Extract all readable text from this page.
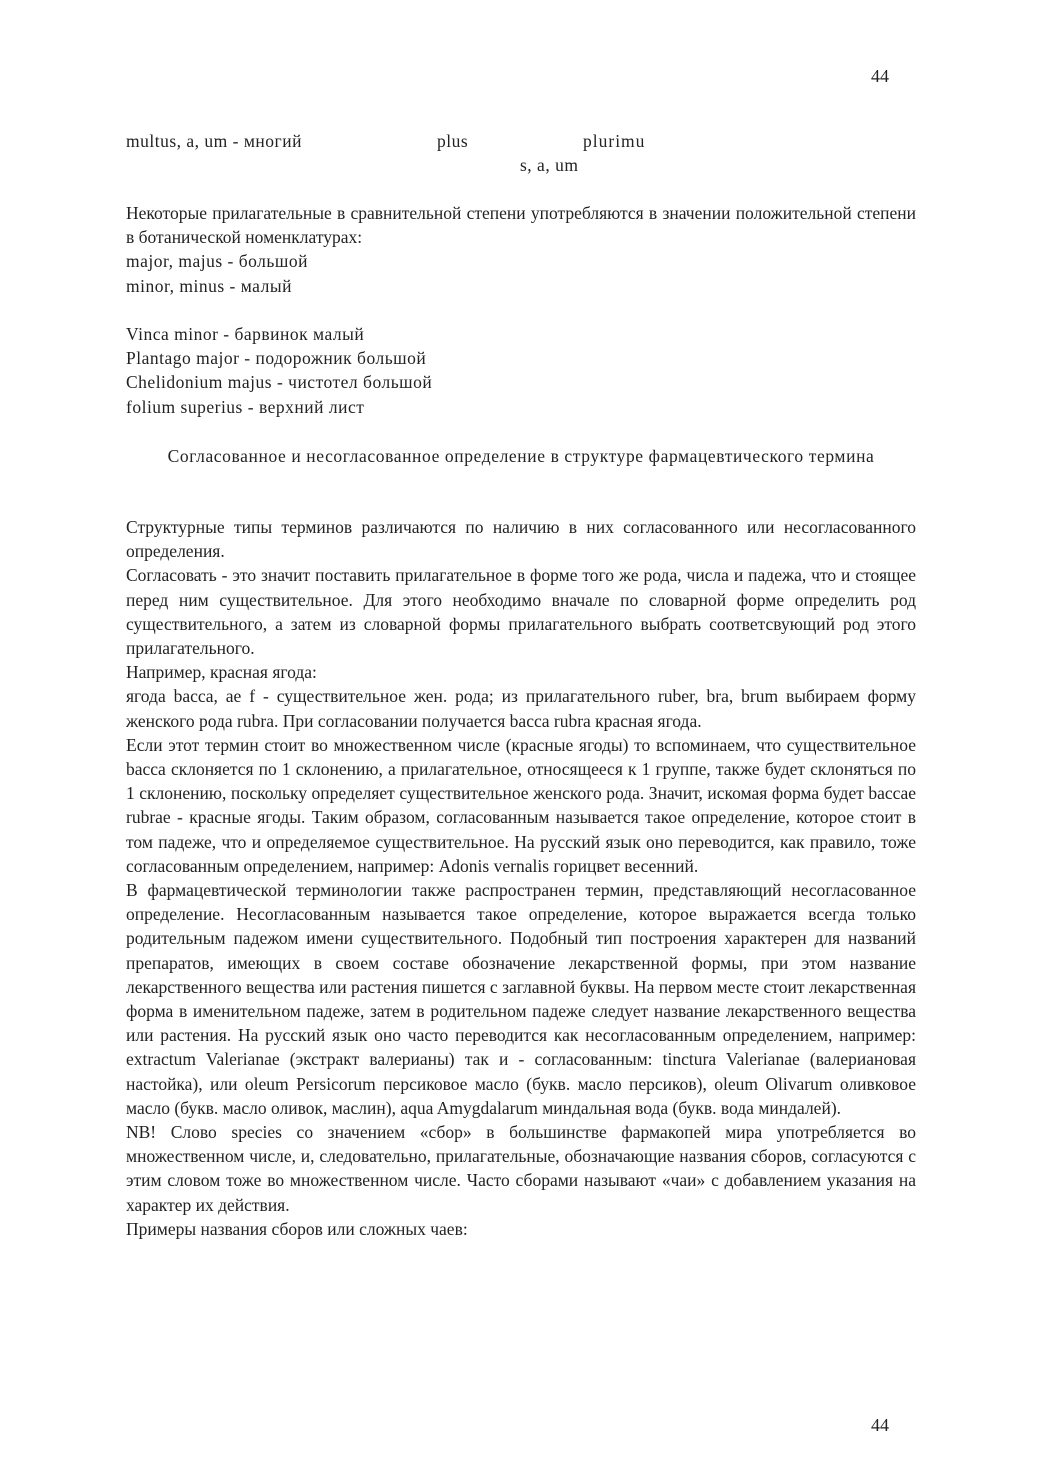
44
multus, a, um - многий	plus	plurimu
s, a, um

Некоторые прилагательные в сравнительной степени употребляются в значении положительной степени в ботанической номенклатурах:

major, majus - большой

minor, minus - малый

Vinca minor - барвинок малый

Plantago major - подорожник большой

Chelidonium majus - чистотел большой

folium superius - верхний лист

Согласованное и несогласованное определение в структуре фармацевтического термина

Структурные типы терминов различаются по наличию в них согласованного или несогласованного определения.

Согласовать - это значит поставить прилагательное в форме того же рода, числа и падежа, что и стоящее перед ним существительное. Для этого необходимо вначале по словарной форме определить род существительного, а затем из словарной формы прилагательного выбрать соответсвующий род этого прилагательного.

Например, красная ягода:

ягода bacca, ae f - существительное жен. рода; из прилагательного ruber, bra, brum выбираем форму женского рода rubra. При согласовании получается bacca rubra красная ягода.

Если этот термин стоит во множественном числе (красные ягоды) то вспоминаем, что существительное bacca склоняется по 1 склонению, а прилагательное, относящееся к 1 группе, также будет склоняться по 1 склонению, поскольку определяет существительное женского рода. Значит, искомая форма будет baccae rubrae - красные ягоды. Таким образом, согласованным называется такое определение, которое стоит в том падеже, что и определяемое существительное. На русский язык оно переводится, как правило, тоже согласованным определением, например: Adonis vernalis горицвет весенний.

В фармацевтической терминологии также распространен термин, представляющий несогласованное определение. Несогласованным называется такое определение, которое выражается всегда только родительным падежом имени существительного. Подобный тип построения характерен для названий препаратов, имеющих в своем составе обозначение лекарственной формы, при этом название лекарственного вещества или растения пишется с заглавной буквы. На первом месте стоит лекарственная форма в именительном падеже, затем в родительном падеже следует название лекарственного вещества или растения. На русский язык оно часто переводится как несогласованным определением, например: extractum Valerianae (экстракт валерианы) так и - согласованным: tinctura Valerianae (валериановая настойка), или oleum Persicorum персиковое масло (букв. масло персиков), oleum Olivarum оливковое масло (букв. масло оливок, маслин), aqua Amygdalarum миндальная вода (букв. вода миндалей).

NB! Слово species со значением «сбор» в большинстве фармакопей мира употребляется во множественном числе, и, следовательно, прилагательные, обозначающие названия сборов, согласуются с этим словом тоже во множественном числе. Часто сборами называют «чаи» с добавлением указания на характер их действия.

Примеры названия сборов или сложных чаев:

44
